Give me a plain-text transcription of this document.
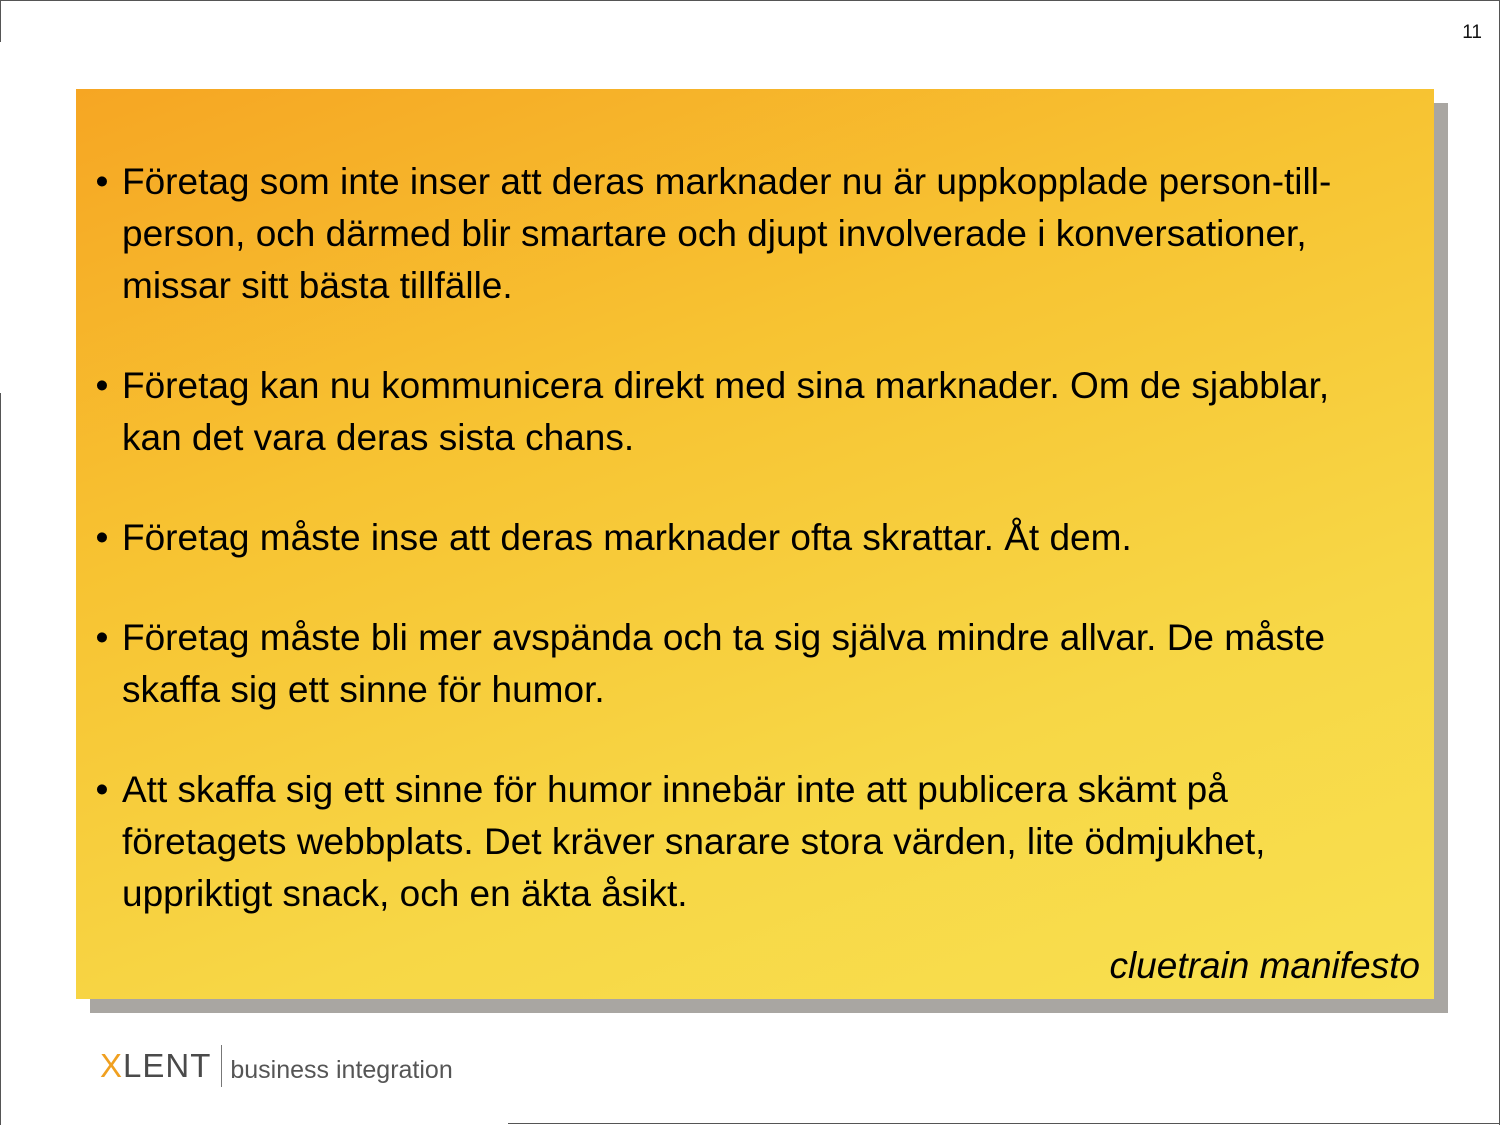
11
• Företag som inte inser att deras marknader nu är uppkopplade person-till-person, och därmed blir smartare och djupt involverade i konversationer, missar sitt bästa tillfälle.
• Företag kan nu kommunicera direkt med sina marknader. Om de sjabblar, kan det vara deras sista chans.
• Företag måste inse att deras marknader ofta skrattar. Åt dem.
• Företag måste bli mer avspända och ta sig själva mindre allvar. De måste skaffa sig ett sinne för humor.
• Att skaffa sig ett sinne för humor innebär inte att publicera skämt på företagets webbplats. Det kräver snarare stora värden, lite ödmjukhet, uppriktigt snack, och en äkta åsikt.
cluetrain manifesto
XLENT business integration
